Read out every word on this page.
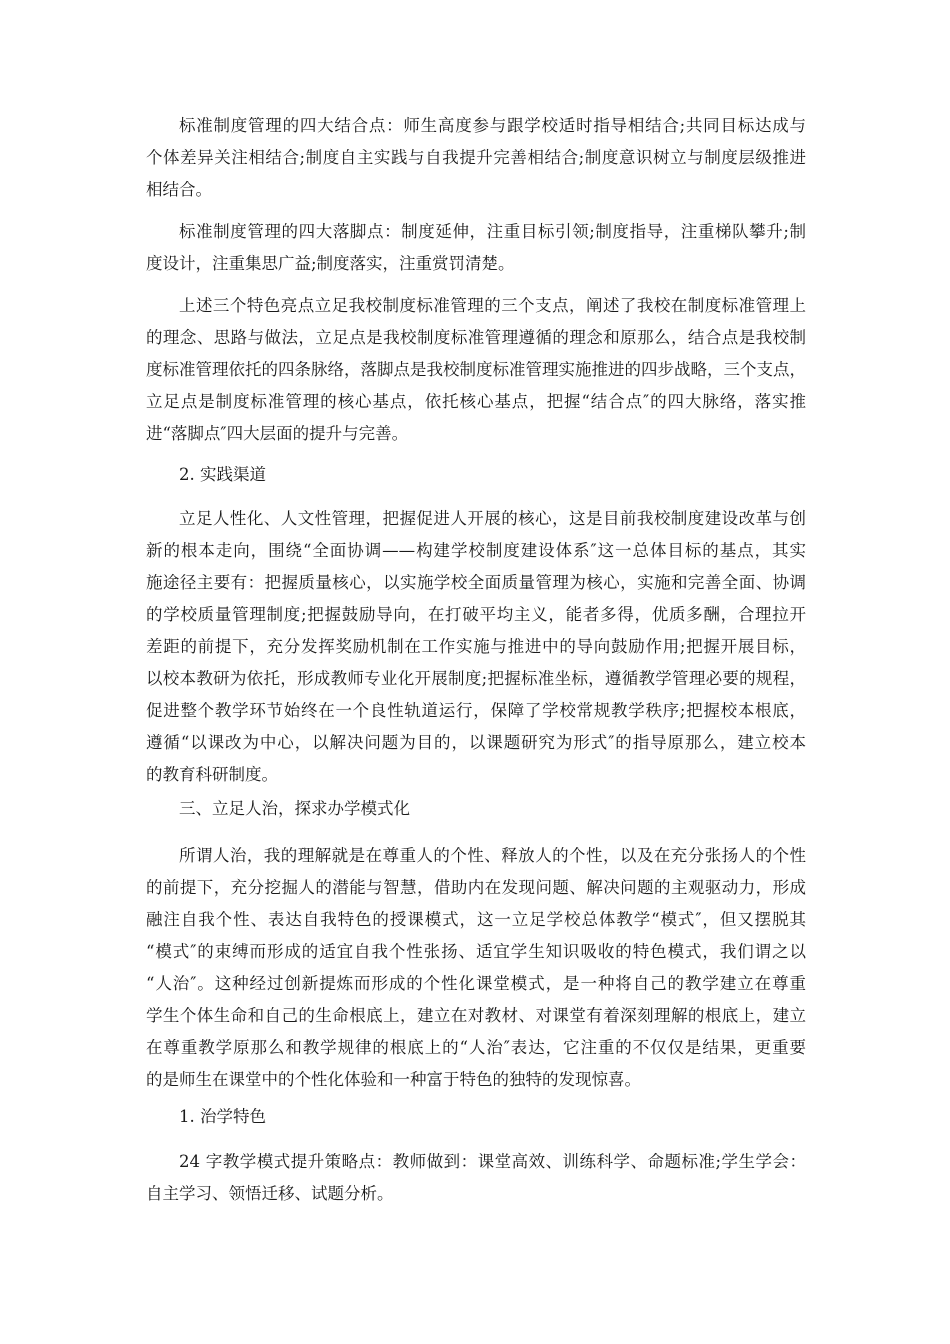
标准制度管理的四大结合点：师生高度参与跟学校适时指导相结合;共同目标达成与
个体差异关注相结合;制度自主实践与自我提升完善相结合;制度意识树立与制度层级推进
相结合。
标准制度管理的四大落脚点：制度延伸，注重目标引领;制度指导，注重梯队攀升;制
度设计，注重集思广益;制度落实，注重赏罚清楚。
上述三个特色亮点立足我校制度标准管理的三个支点，阐述了我校在制度标准管理上
的理念、思路与做法，立足点是我校制度标准管理遵循的理念和原那么，结合点是我校制
度标准管理依托的四条脉络，落脚点是我校制度标准管理实施推进的四步战略，三个支点，
立足点是制度标准管理的核心基点，依托核心基点，把握“结合点″的四大脉络，落实推
进“落脚点″四大层面的提升与完善。
2. 实践渠道
立足人性化、人文性管理，把握促进人开展的核心，这是目前我校制度建设改革与创
新的根本走向，围绕“全面协调——构建学校制度建设体系″这一总体目标的基点，其实
施途径主要有：把握质量核心，以实施学校全面质量管理为核心，实施和完善全面、协调
的学校质量管理制度;把握鼓励导向，在打破平均主义，能者多得，优质多酬，合理拉开
差距的前提下，充分发挥奖励机制在工作实施与推进中的导向鼓励作用;把握开展目标，
以校本教研为依托，形成教师专业化开展制度;把握标准坐标，遵循教学管理必要的规程，
促进整个教学环节始终在一个良性轨道运行，保障了学校常规教学秩序;把握校本根底，
遵循“以课改为中心，以解决问题为目的，以课题研究为形式″的指导原那么，建立校本
的教育科研制度。
三、立足人治，探求办学模式化
所谓人治，我的理解就是在尊重人的个性、释放人的个性，以及在充分张扬人的个性
的前提下，充分挖掘人的潜能与智慧，借助内在发现问题、解决问题的主观驱动力，形成
融注自我个性、表达自我特色的授课模式，这一立足学校总体教学“模式″，但又摆脱其
“模式″的束缚而形成的适宜自我个性张扬、适宜学生知识吸收的特色模式，我们谓之以
“人治″。这种经过创新提炼而形成的个性化课堂模式，是一种将自己的教学建立在尊重
学生个体生命和自己的生命根底上，建立在对教材、对课堂有着深刻理解的根底上，建立
在尊重教学原那么和教学规律的根底上的“人治″表达，它注重的不仅仅是结果，更重要
的是师生在课堂中的个性化体验和一种富于特色的独特的发现惊喜。
1. 治学特色
24 字教学模式提升策略点：教师做到：课堂高效、训练科学、命题标准;学生学会：
自主学习、领悟迁移、试题分析。
